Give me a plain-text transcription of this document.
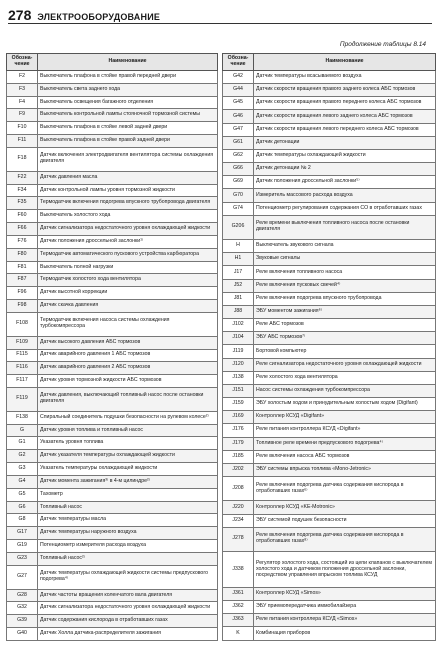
278 ЭЛЕКТРООБОРУДОВАНИЕ
Продолжение таблицы 8.14
Обозна-чение	Наименование
F2	Выключатель плафона в стойке правой передней двери
F3	Выключатель света заднего хода
F4	Выключатель освещения багажного отделения
F9	Выключатель контрольной лампы стояночной тормозной системы
F10	Выключатель плафона в стойке левой задней двери
F11	Выключатель плафона в стойке правой задней двери
F18	Датчик включения электродвигателя вентилятора системы охлаждения двигателя
F22	Датчик давления масла
F34	Датчик контрольной лампы уровня тормозной жидкости
F35	Термодатчик включения подогрева впускного трубопровода двигателя
F60	Выключатель холостого хода
F66	Датчик сигнализатора недостаточного уровня охлаждающей жидкости
F76	Датчик положения дроссельной заслонки¹⁾
F80	Термодатчик автоматического пускового устройства карбюратора
F81	Выключатель полной нагрузки
F87	Термодатчик холостого хода вентилятора
F96	Датчик высотной коррекции
F98	Датчик скачка давления
F108	Термодатчик включения насоса системы охлаждения турбокомпрессора
F109	Датчик высокого давления АБС тормозов
F115	Датчик аварийного давления 1 АБС тормозов
F116	Датчик аварийного давления 2 АБС тормозов
F117	Датчик уровня тормозной жидкости АБС тормозов
F119	Датчик давления, выключающий топливный насос после остановки двигателя
F138	Спиральный соединитель подушки безопасности на рулевом колесе²⁾
G	Датчик уровня топлива и топливный насос
G1	Указатель уровня топлива
G2	Датчик указателя температуры охлаждающей жидкости
G3	Указатель температуры охлаждающей жидкости
G4	Датчик момента зажигания³⁾ в 4-м цилиндре²⁾
G5	Тахометр
G6	Топливный насос
G8	Датчик температуры масла
G17	Датчик температуры наружного воздуха
G19	Потенциометр измерителя расхода воздуха
G23	Топливный насос²⁾
G27	Датчик температуры охлаждающей жидкости системы предпускового подогрева⁴⁾
G28	Датчик частоты вращения коленчатого вала двигателя
G32	Датчик сигнализатора недостаточного уровня охлаждающей жидкости
G39	Датчик содержания кислорода в отработавших газах
G40	Датчик Холла датчика-распределителя зажигания
Обозна-чение	Наименование
G42	Датчик температуры всасываемого воздуха
G44	Датчик скорости вращения правого заднего колеса АБС тормозов
G45	Датчик скорости вращения правого переднего колеса АБС тормозов
G46	Датчик скорости вращения левого заднего колеса АБС тормозов
G47	Датчик скорости вращения левого переднего колеса АБС тормозов
G61	Датчик детонации
G62	Датчик температуры охлаждающей жидкости
G66	Датчик детонации № 2
G69	Датчик положения дроссельной заслонки⁵⁾
G70	Измеритель массового расхода воздуха
G74	Потенциометр регулирования содержания CO в отработавших газах
G206	Реле времени выключения топливного насоса после остановки двигателя
H	Выключатель звукового сигнала
H1	Звуковые сигналы
J17	Реле включения топливного насоса
J52	Реле включения пусковых свечей⁴⁾
J81	Реле включения подогрева впускного трубопровода
J88	ЭБУ моментом зажигания⁶⁾
J102	Реле АБС тормозов
J104	ЭБУ АБС тормозов⁷⁾
J119	Бортовой компьютер
J120	Реле сигнализатора недостаточного уровня охлаждающей жидкости
J138	Реле холостого хода вентилятора
J151	Насос системы охлаждения турбокомпрессора
J159	ЭБУ холостым ходом и принудительным холостым ходом (Digifant)
J169	Контроллер КСУД «Digifant»
J176	Реле питания контроллера КСУД «Digifant»
J179	Топливное реле времени предпускового подогрева⁴⁾
J185	Реле включения насоса АБС тормозов
J202	ЭБУ системы впрыска топлива «Mono-Jetronic»
J208	Реле включения подогрева датчика содержания кислорода в отработавших газах⁶⁾
J220	Контроллер КСУД «KE-Motronic»
J234	ЭБУ системой подушек безопасности
J278	Реле включения подогрева датчика содержания кислорода в отработавших газах⁸⁾
J338	Регулятор холостого хода, состоящий из цепи клапанов с выключателем холостого хода и датчиком положения дроссельной заслонки, посредством управления впрыском топлива КСУД
J361	Контроллер КСУД «Simos»
J362	ЭБУ приемопередатчика иммобилайзера
J363	Реле питания контроллера КСУД «Simos»
K	Комбинация приборов
